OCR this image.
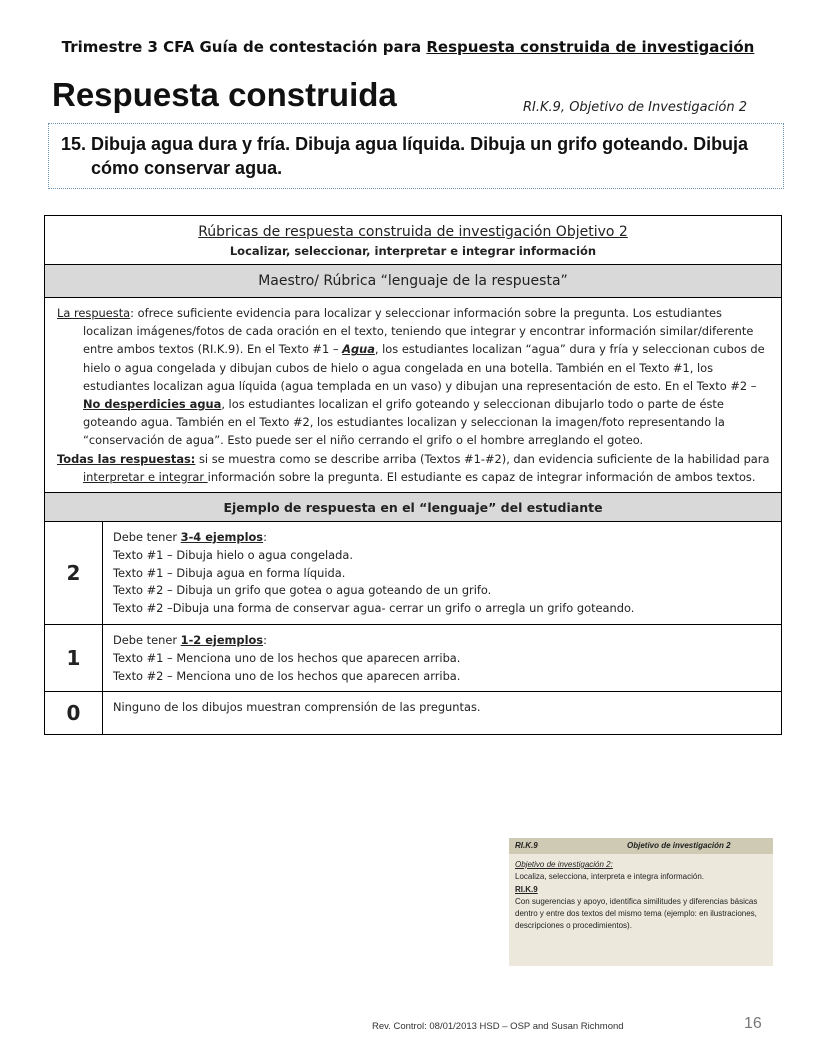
Trimestre 3 CFA Guía de contestación para Respuesta construida de investigación
Respuesta construida	RI.K.9, Objetivo de Investigación 2
15. Dibuja agua dura y fría. Dibuja agua líquida. Dibuja un grifo goteando. Dibuja cómo conservar agua.
Rúbricas de respuesta construida de investigación Objetivo 2
Localizar, seleccionar, interpretar e integrar información	

Maestro/ Rúbrica “lenguaje de la respuesta”	

La respuesta: ofrece suficiente evidencia para localizar y seleccionar información sobre la pregunta. Los estudiantes localizan imágenes/fotos de cada oración en el texto, teniendo que integrar y encontrar información similar/diferente entre ambos textos (RI.K.9). En el Texto #1 – Agua, los estudiantes localizan “agua” dura y fría y seleccionan cubos de hielo o agua congelada y dibujan cubos de hielo o agua congelada en una botella. También en el Texto #1, los estudiantes localizan agua líquida (agua templada en un vaso) y dibujan una representación de esto. En el Texto #2 – No desperdicies agua, los estudiantes localizan el grifo goteando y seleccionan dibujarlo todo o parte de éste goteando agua. También en el Texto #2, los estudiantes localizan y seleccionan la imagen/foto representando la “conservación de agua”. Esto puede ser el niño cerrando el grifo o el hombre arreglando el goteo.

Todas las respuestas: si se muestra como se describe arriba (Textos #1-#2), dan evidencia suficiente de la habilidad para interpretar e integrar información sobre la pregunta. El estudiante es capaz de integrar información de ambos textos.	

Ejemplo de respuesta en el “lenguaje” del estudiante	
2	Debe tener 3-4 ejemplos:
Texto #1 – Dibuja hielo o agua congelada.
Texto #1 – Dibuja agua en forma líquida.
Texto #2 – Dibuja un grifo que gotea o agua goteando de un grifo.
Texto #2 –Dibuja una forma de conservar agua- cerrar un grifo o arregla un grifo goteando.

1	Debe tener 1-2 ejemplos:
Texto #1 – Menciona uno de los hechos que aparecen arriba.
Texto #2 – Menciona uno de los hechos que aparecen arriba.

0	Ninguno de los dibujos muestran comprensión de las preguntas.
RI.K.9	Objetivo de investigación 2
Objetivo de investigación 2:
Localiza, selecciona, interpreta e integra información.
RI.K.9
Con sugerencias y apoyo, identifica similitudes y diferencias básicas dentro y entre dos textos del mismo tema (ejemplo: en ilustraciones, descripciones o procedimientos).
Rev. Control: 08/01/2013 HSD – OSP and Susan Richmond	16
